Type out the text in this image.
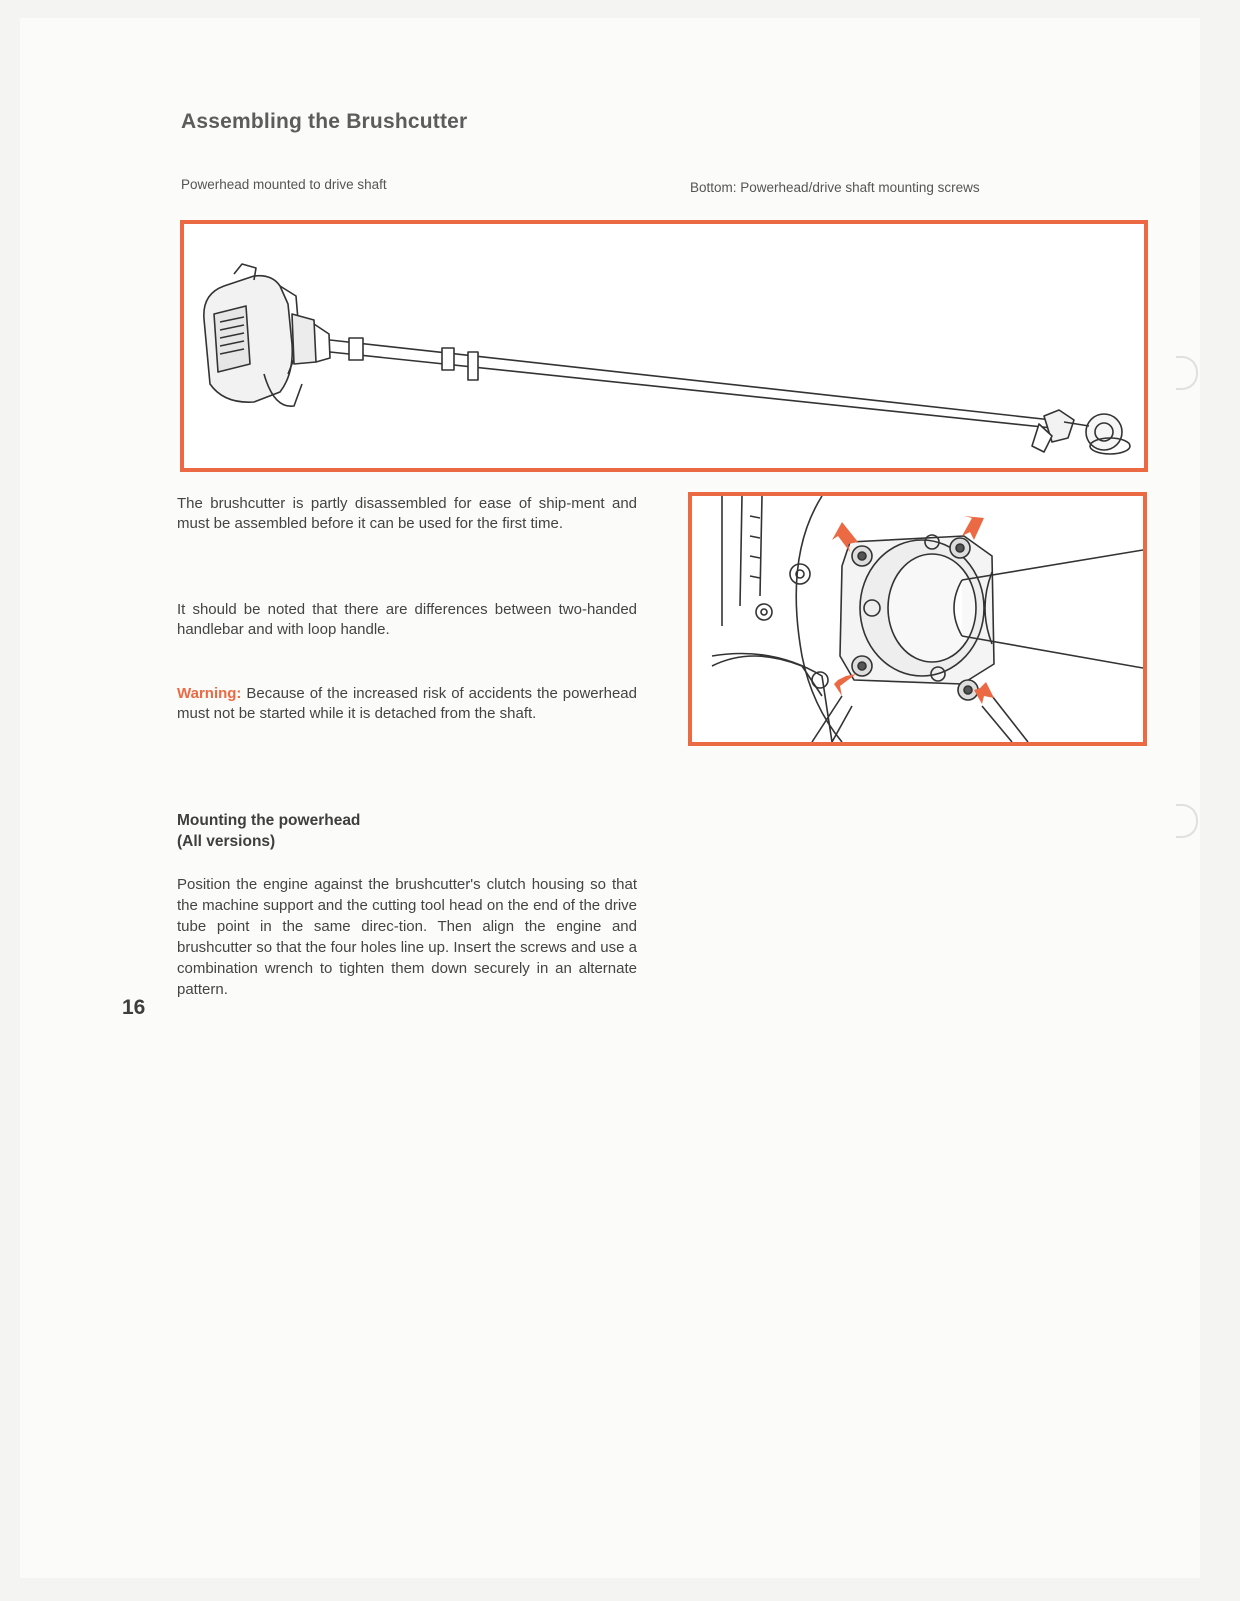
Assembling the Brushcutter

Powerhead mounted to drive shaft	Bottom: Powerhead/drive shaft mounting screws

The brushcutter is partly disassembled for ease of ship-ment and must be assembled before it can be used for the first time.

It should be noted that there are differences between two-handed handlebar and with loop handle.

Warning: Because of the increased risk of accidents the powerhead must not be started while it is detached from the shaft.

Mounting the powerhead
(All versions)

Position the engine against the brushcutter's clutch housing so that the machine support and the cutting tool head on the end of the drive tube point in the same direc-tion. Then align the engine and brushcutter so that the four holes line up. Insert the screws and use a combination wrench to tighten them down securely in an alternate pattern.

16
